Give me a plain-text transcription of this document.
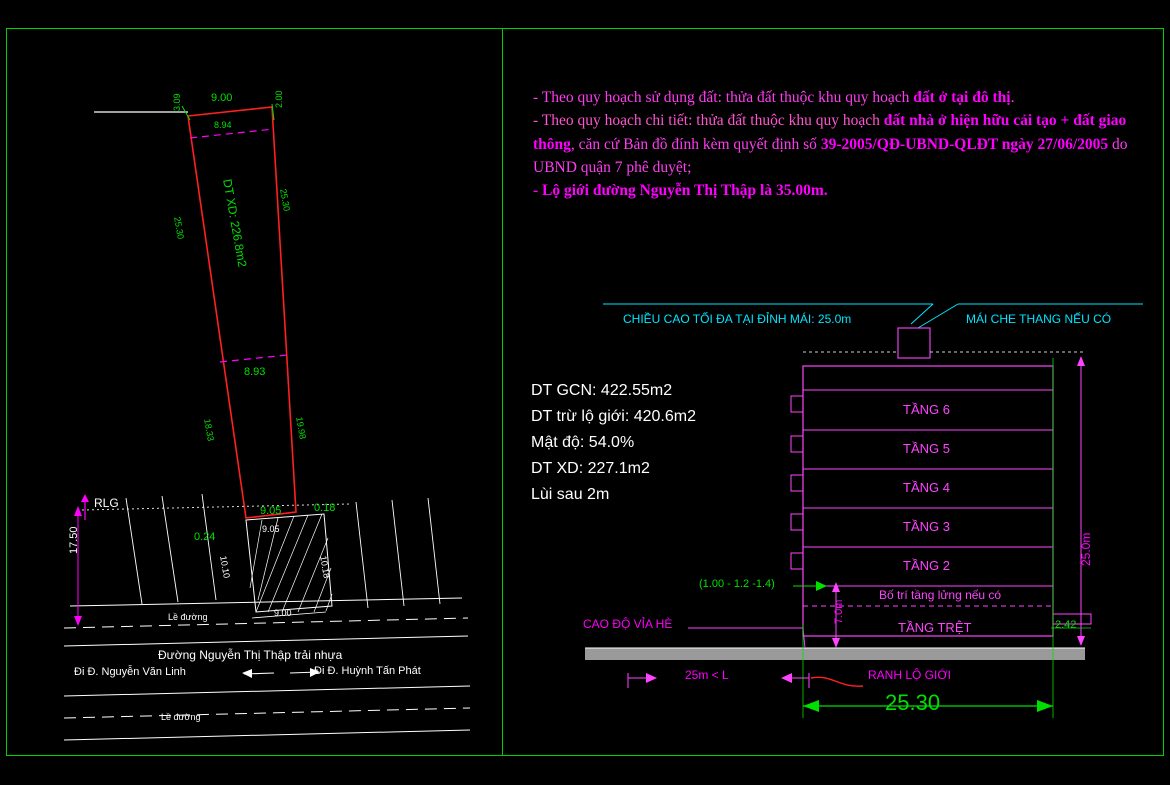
9.00
8.94
3.09	2.00
25.30
25.30	DT XD: 226.8m2
8.93
18.33	19.98
9.05
9.05
0.18
0.24
10.10	10.18
9.00
17.50
RLG
Lề đường
Đường Nguyễn Thị Thập trải nhựa
Đi Đ. Nguyễn Văn Linh	Đi Đ. Huỳnh Tấn Phát
Lề đường
- Theo quy hoạch sử dụng đất: thửa đất thuộc khu quy hoạch đất ở tại đô thị.
- Theo quy hoạch chi tiết: thửa đất thuộc khu quy hoạch đất nhà ở hiện hữu cải tạo + đất giao thông, căn cứ Bản đồ đính kèm quyết định số 39-2005/QĐ-UBND-QLĐT ngày 27/06/2005 do UBND quận 7 phê duyệt;
- Lộ giới đường Nguyễn Thị Thập là 35.00m.
DT GCN: 422.55m2
DT trừ lộ giới: 420.6m2
Mật độ: 54.0%
DT XD: 227.1m2
Lùi sau 2m
CHIỀU CAO TỐI ĐA TẠI ĐỈNH MÁI: 25.0m	MÁI CHE THANG NẾU CÓ
TẦNG 6
TẦNG 5
TẦNG 4
TẦNG 3
TẦNG 2
Bố trí tầng lửng nếu có
TẦNG TRỆT
(1.00 - 1.2 -1.4)
7.0m
25.0m
2.42
CAO ĐỘ VỈA HÈ
25m < L	RANH LỘ GIỚI
25.30
